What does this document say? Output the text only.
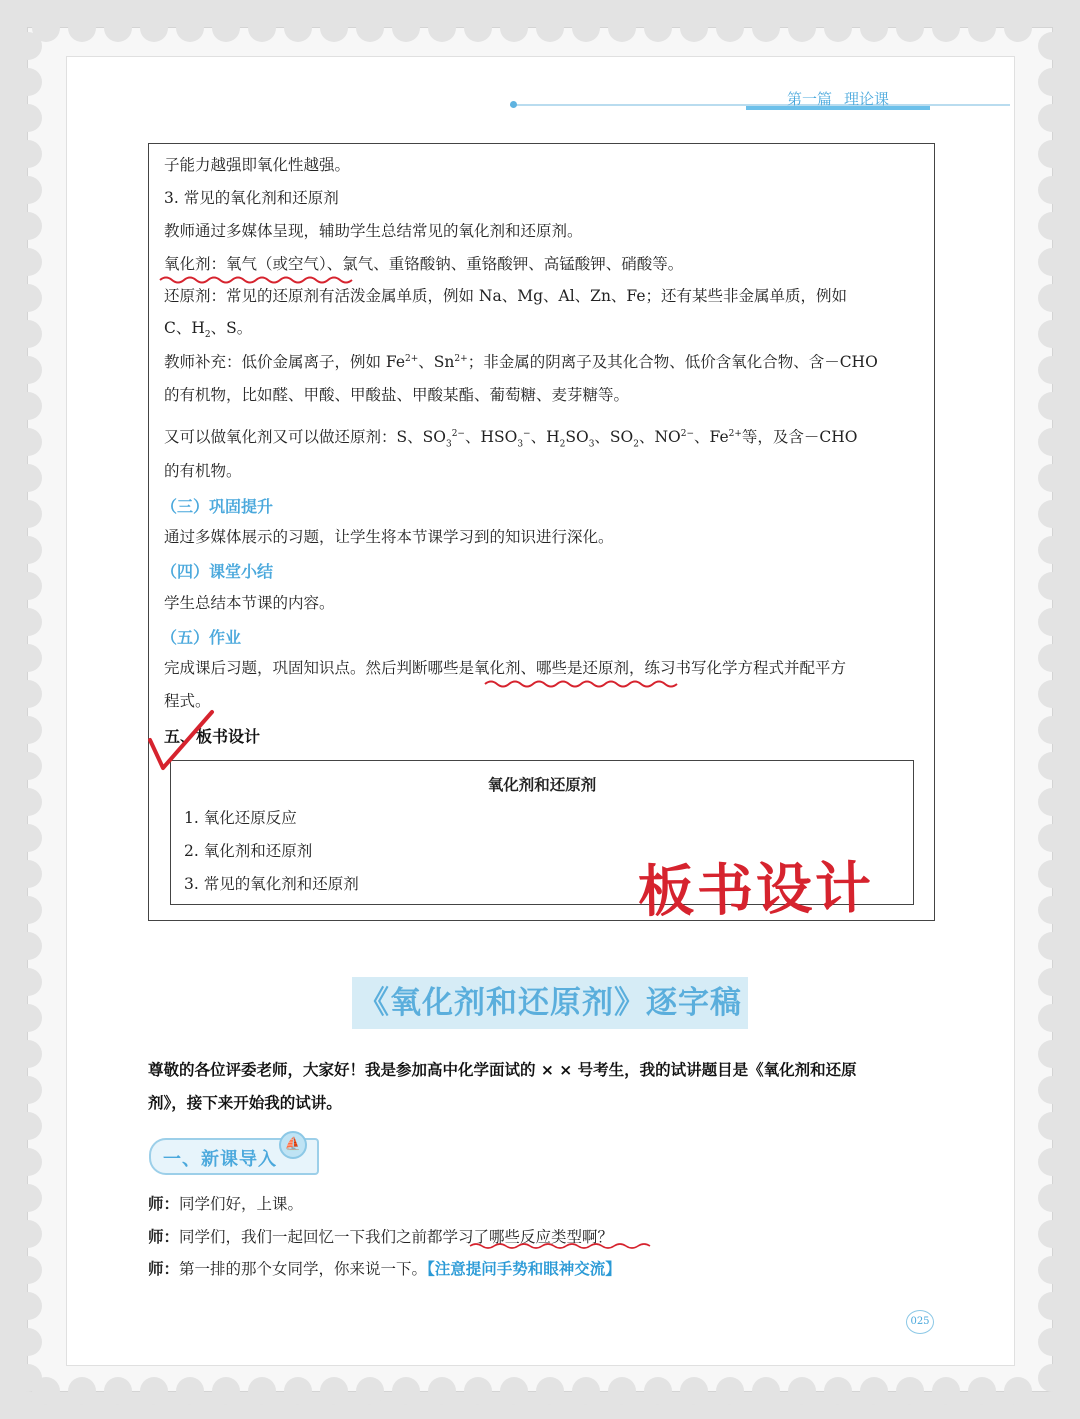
第一篇 理论课
子能力越强即氧化性越强。
3. 常见的氧化剂和还原剂
教师通过多媒体呈现，辅助学生总结常见的氧化剂和还原剂。
氧化剂：氧气（或空气）、氯气、重铬酸钠、重铬酸钾、高锰酸钾、硝酸等。
还原剂：常见的还原剂有活泼金属单质，例如 Na、Mg、Al、Zn、Fe；还有某些非金属单质，例如
C、$H_2$、S。
教师补充：低价金属离子，例如 $Fe^{2+}$、$Sn^{2+}$；非金属的阴离子及其化合物、低价含氧化合物、含－CHO
的有机物，比如醛、甲酸、甲酸盐、甲酸某酯、葡萄糖、麦芽糖等。
又可以做氧化剂又可以做还原剂：S、$SO_3^{2-}$、$HSO_3^-$、$H_2SO_3$、$SO_2$、$NO^{2-}$、$Fe^{2+}$等，及含－CHO
的有机物。
（三）巩固提升
通过多媒体展示的习题，让学生将本节课学习到的知识进行深化。
（四）课堂小结
学生总结本节课的内容。
（五）作业
完成课后习题，巩固知识点。然后判断哪些是氧化剂、哪些是还原剂，练习书写化学方程式并配平方
程式。
五、板书设计
氧化剂和还原剂
1. 氧化还原反应
2. 氧化剂和还原剂
3. 常见的氧化剂和还原剂	板书设计
《氧化剂和还原剂》逐字稿
尊敬的各位评委老师，大家好！我是参加高中化学面试的 × × 号考生，我的试讲题目是《氧化剂和还原
剂》，接下来开始我的试讲。
一、新课导入
⛵
师：同学们好，上课。
师：同学们，我们一起回忆一下我们之前都学习了哪些反应类型啊？
师：第一排的那个女同学，你来说一下。【注意提问手势和眼神交流】
025
